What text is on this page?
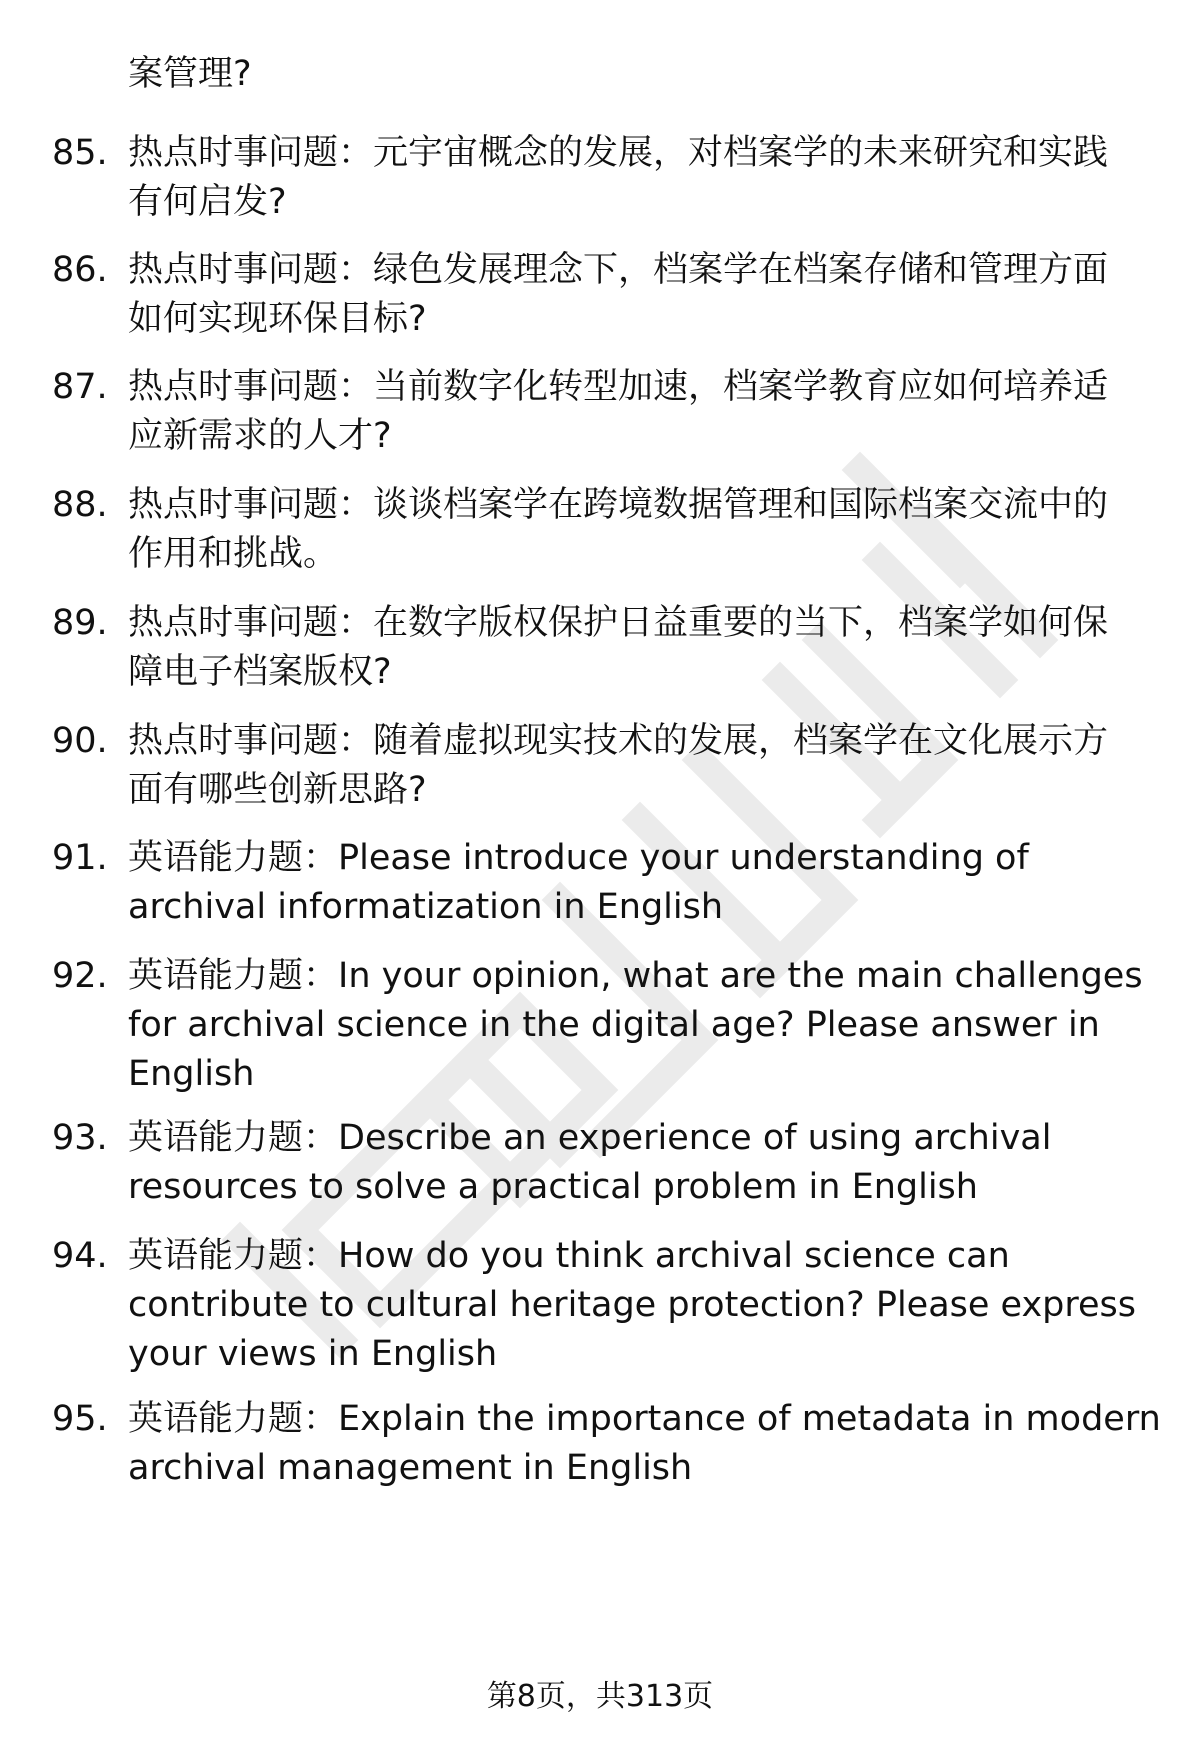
案管理?
85. 热点时事问题：元宇宙概念的发展，对档案学的未来研究和实践
有何启发?
86. 热点时事问题：绿色发展理念下，档案学在档案存储和管理方面
如何实现环保目标?
87. 热点时事问题：当前数字化转型加速，档案学教育应如何培养适
应新需求的人才?
88. 热点时事问题：谈谈档案学在跨境数据管理和国际档案交流中的
作用和挑战。
89. 热点时事问题：在数字版权保护日益重要的当下，档案学如何保
障电子档案版权?
90. 热点时事问题：随着虚拟现实技术的发展，档案学在文化展示方
面有哪些创新思路?
91. 英语能力题：Please introduce your understanding of
archival informatization in English
92. 英语能力题：In your opinion, what are the main challenges
for archival science in the digital age? Please answer in
English
93. 英语能力题：Describe an experience of using archival
resources to solve a practical problem in English
94. 英语能力题：How do you think archival science can
contribute to cultural heritage protection? Please express
your views in English
95. 英语能力题：Explain the importance of metadata in modern
archival management in English
第8页，共313页
